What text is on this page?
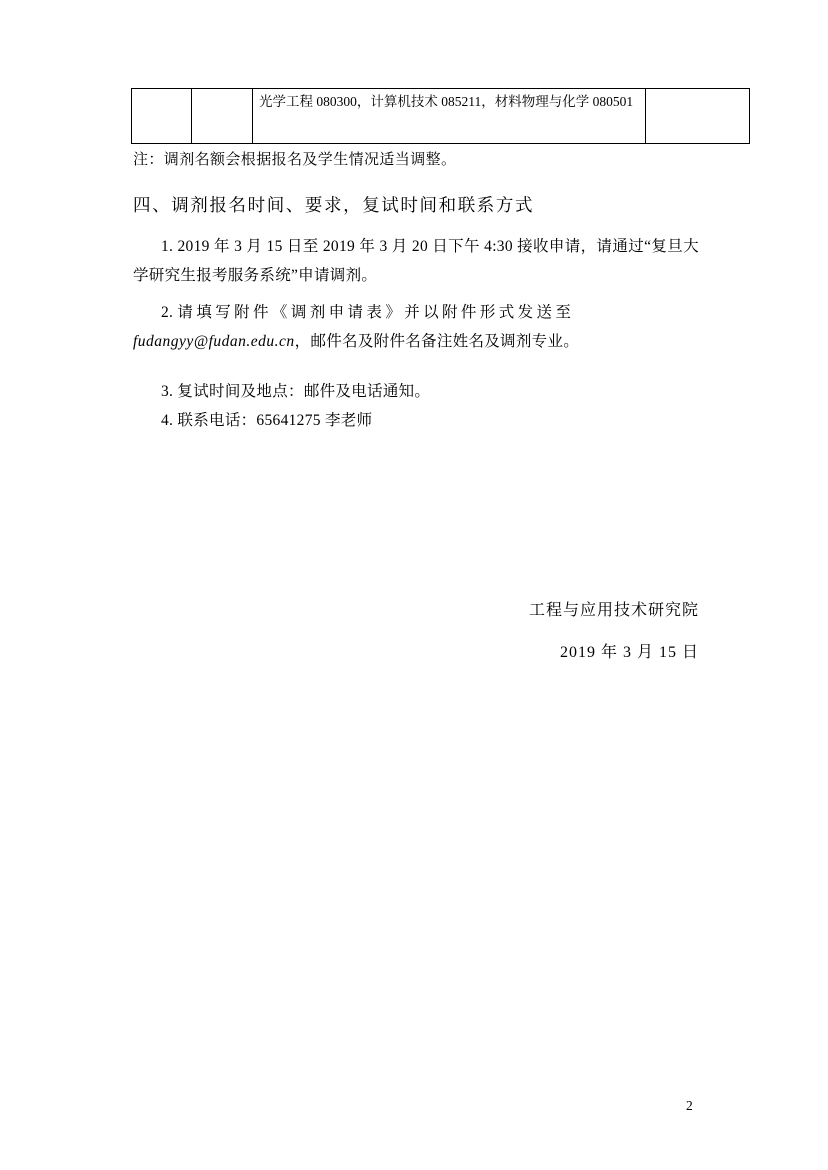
		光学工程 080300，计算机技术 085211，材料物理与化学 080501	
注：调剂名额会根据报名及学生情况适当调整。
四、调剂报名时间、要求，复试时间和联系方式
1. 2019 年 3 月 15 日至 2019 年 3 月 20 日下午 4:30 接收申请，请通过“复旦大学研究生报考服务系统”申请调剂。
2. 请填写附件《调剂申请表》并以附件形式发送至
fudangyy@fudan.edu.cn，邮件名及附件名备注姓名及调剂专业。
3. 复试时间及地点：邮件及电话通知。
4. 联系电话：65641275 李老师
工程与应用技术研究院
2019 年 3 月 15 日
2
